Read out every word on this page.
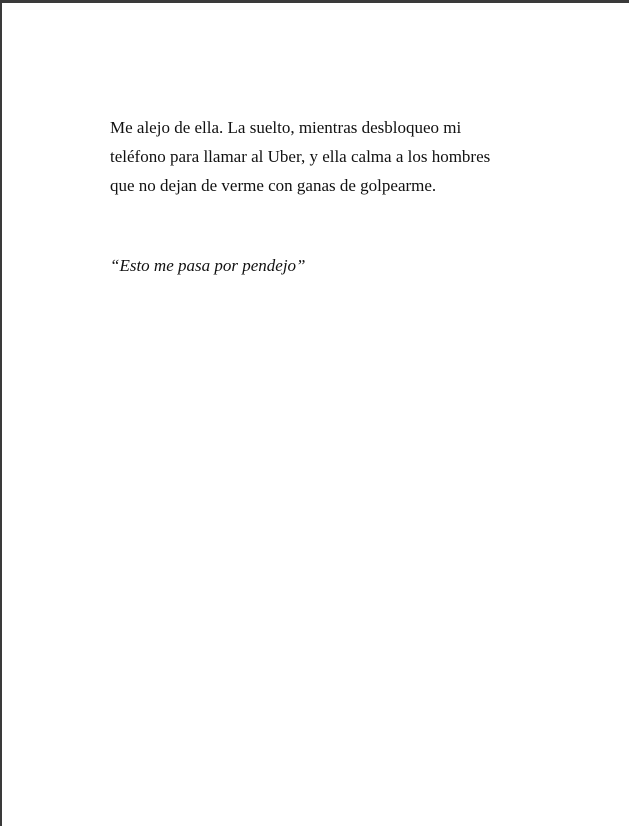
Me alejo de ella. La suelto, mientras desbloqueo mi
teléfono para llamar al Uber, y ella calma a los hombres
que no dejan de verme con ganas de golpearme.

“Esto me pasa por pendejo”
